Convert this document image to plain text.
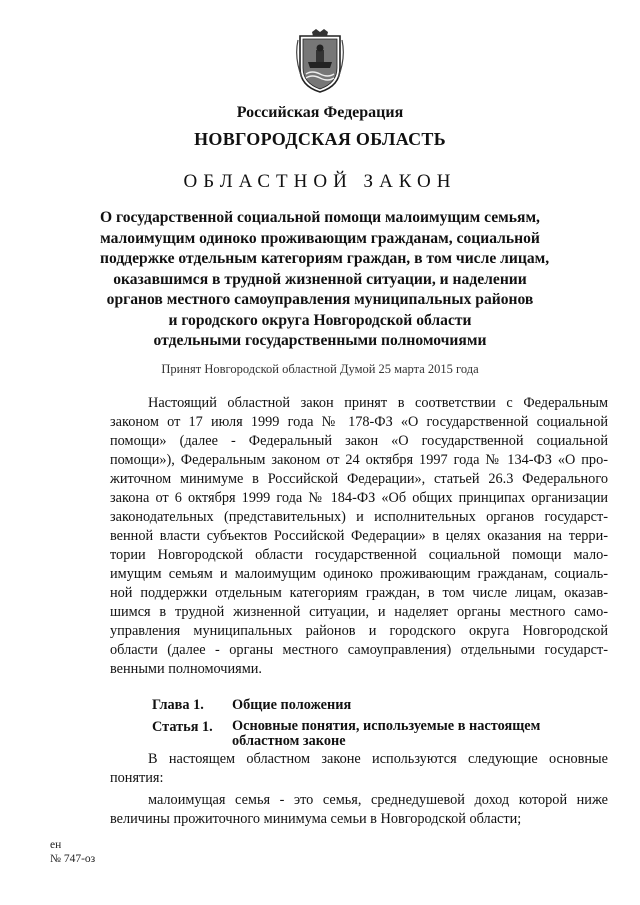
Российская Федерация
НОВГОРОДСКАЯ ОБЛАСТЬ
ОБЛАСТНОЙ ЗАКОН
О государственной социальной помощи малоимущим семьям,
малоимущим одиноко проживающим гражданам, социальной
поддержке отдельным категориям граждан, в том числе лицам,
оказавшимся в трудной жизненной ситуации, и наделении
органов местного самоуправления муниципальных районов
и городского округа Новгородской области
отдельными государственными полномочиями
Принят Новгородской областной Думой 25 марта 2015 года
Настоящий областной закон принят в соответствии с Федеральным
законом от 17 июля 1999 года № 178-ФЗ «О государственной социальной
помощи» (далее - Федеральный закон «О государственной социальной
помощи»), Федеральным законом от 24 октября 1997 года № 134-ФЗ «О про-
житочном минимуме в Российской Федерации», статьей 26.3 Федерального
закона от 6 октября 1999 года № 184-ФЗ «Об общих принципах организации
законодательных (представительных) и исполнительных органов государст-
венной власти субъектов Российской Федерации» в целях оказания на терри-
тории Новгородской области государственной социальной помощи мало-
имущим семьям и малоимущим одиноко проживающим гражданам, социаль-
ной поддержки отдельным категориям граждан, в том числе лицам, оказав-
шимся в трудной жизненной ситуации, и наделяет органы местного само-
управления муниципальных районов и городского округа Новгородской
области (далее - органы местного самоуправления) отдельными государст-
венными полномочиями.
Глава 1. Общие положения
Статья 1. Основные понятия, используемые в настоящем
областном законе
В настоящем областном законе используются следующие основные
понятия:
малоимущая семья - это семья, среднедушевой доход которой ниже
величины прожиточного минимума семьи в Новгородской области;
ен
№ 747-оз
